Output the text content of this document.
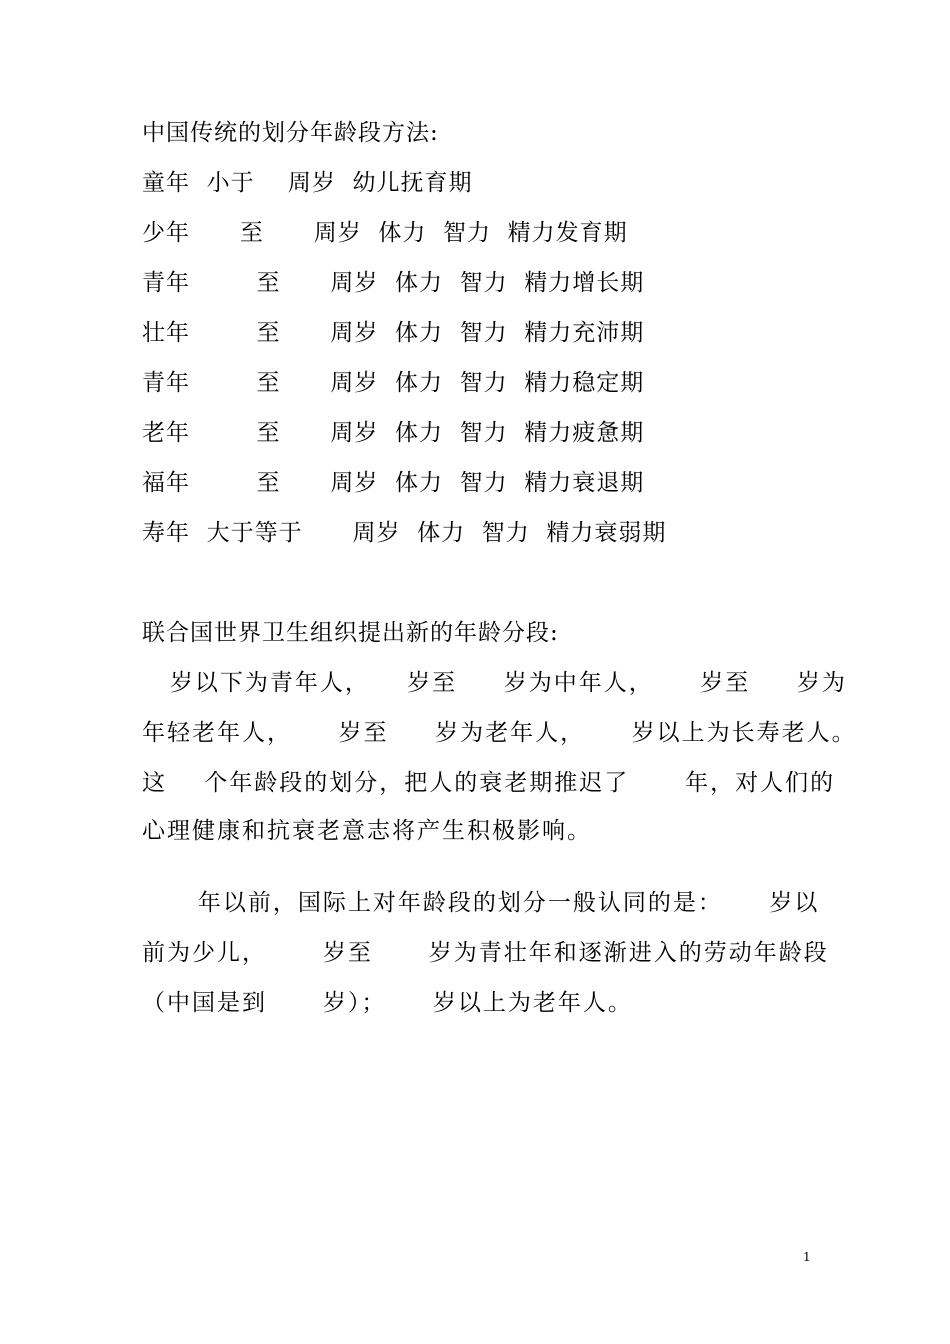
中国传统的划分年龄段方法:
童年  小于    周岁  幼儿抚育期
少年      至      周岁  体力  智力  精力发育期
青年        至      周岁  体力  智力  精力增长期
壮年        至      周岁  体力  智力  精力充沛期
青年        至      周岁  体力  智力  精力稳定期
老年        至      周岁  体力  智力  精力疲惫期
福年        至      周岁  体力  智力  精力衰退期
寿年  大于等于      周岁  体力  智力  精力衰弱期
联合国世界卫生组织提出新的年龄分段:
岁以下为青年人，    岁至     岁为中年人，     岁至     岁为
年轻老年人，     岁至     岁为老年人，     岁以上为长寿老人。
这    个年龄段的划分，把人的衰老期推迟了      年，对人们的
心理健康和抗衰老意志将产生积极影响。
年以前，国际上对年龄段的划分一般认同的是：     岁以
前为少儿，      岁至      岁为青壮年和逐渐进入的劳动年龄段
（中国是到      岁）；     岁以上为老年人。
1
